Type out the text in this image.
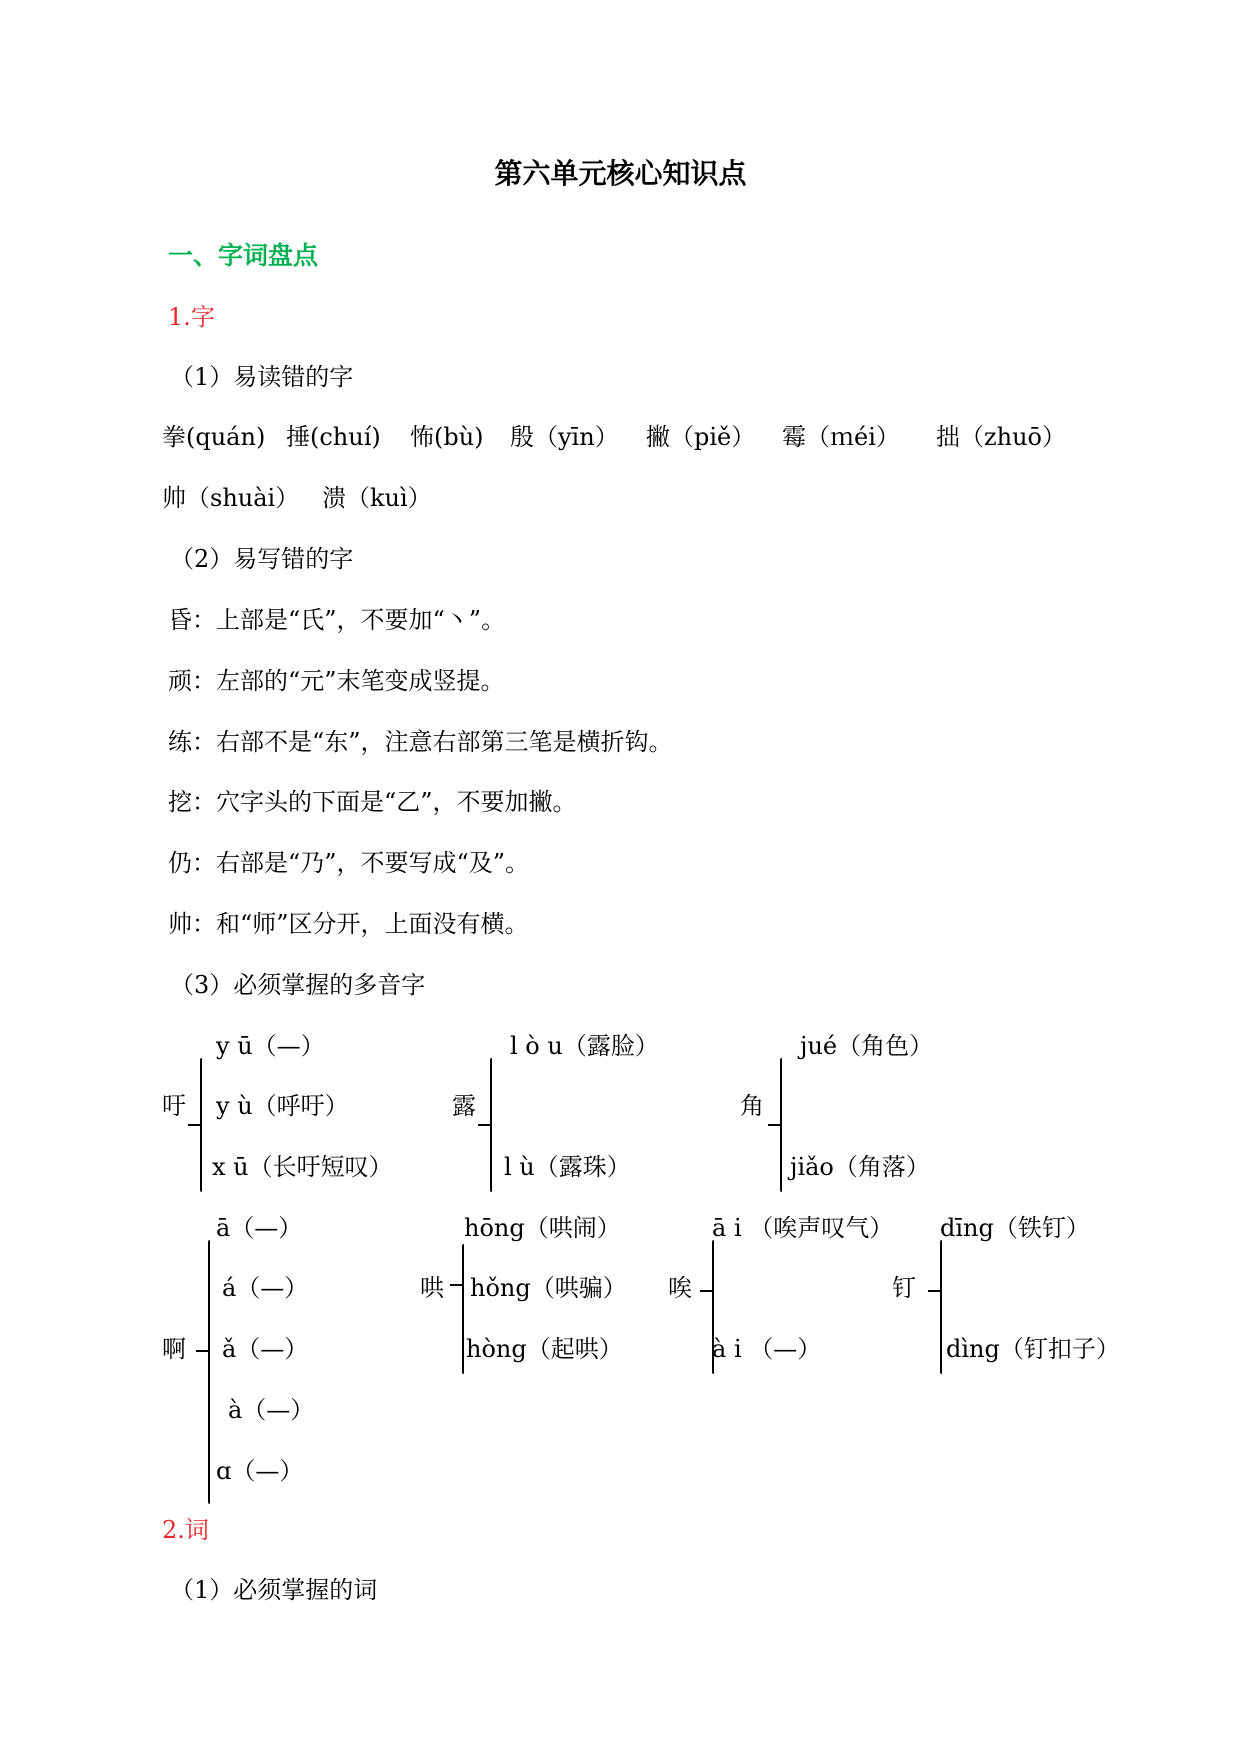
第六单元核心知识点
一、字词盘点
1.字
（1）易读错的字
拳(quán) 捶(chuí) 怖(bù) 殷（yīn） 撇（piě） 霉（ｍéi） 拙（zhuō）
帅（shuài） 溃（kuì）
（2）易写错的字
昏：上部是“氏”，不要加“丶”。
顽：左部的“元”末笔变成竖提。
练：右部不是“东”，注意右部第三笔是横折钩。
挖：穴字头的下面是“乙”，不要加撇。
仍：右部是“乃”，不要写成“及”。
帅：和“师”区分开，上面没有横。
（3）必须掌握的多音字
吁
y ū（—）
y ù（呼吁）
x ū（长吁短叹）
露
l ò u（露脸）
l ù（露珠）
角
jué（角色）
jiǎo（角落）
啊
ā（—）
á（—）
ǎ（—）
à（—）
ɑ（—）
哄
hōng（哄闹）
hǒng（哄骗）
hòng（起哄）
唉
ā i （唉声叹气）
à i （—）
钉
dīng（铁钉）
dìng（钉扣子）
2.词
（1）必须掌握的词
